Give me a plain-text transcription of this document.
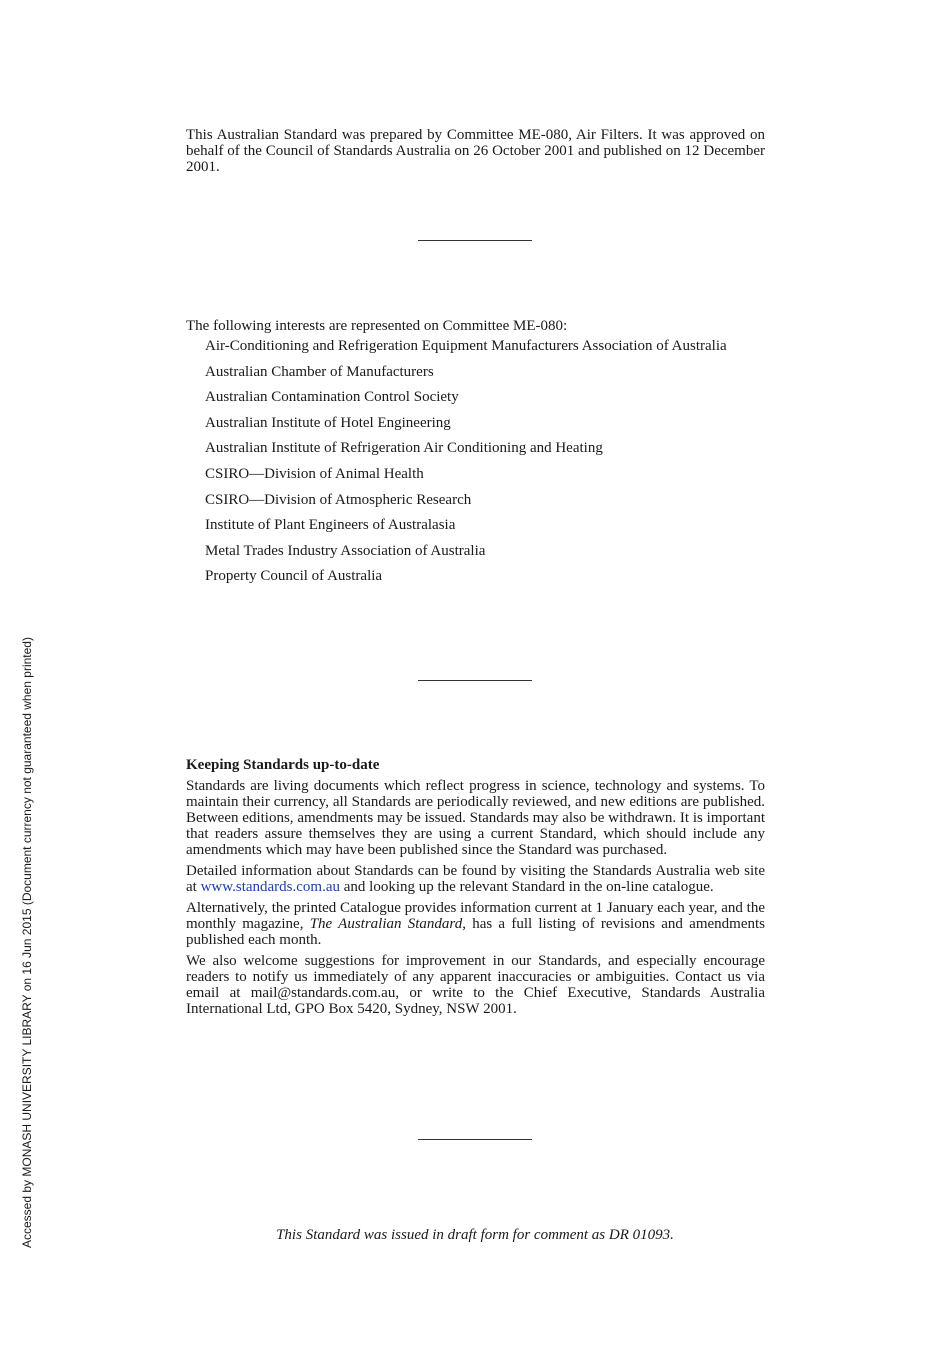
This Australian Standard was prepared by Committee ME-080, Air Filters. It was approved on behalf of the Council of Standards Australia on 26 October 2001 and published on 12 December 2001.

The following interests are represented on Committee ME-080:

Air-Conditioning and Refrigeration Equipment Manufacturers Association of Australia
Australian Chamber of Manufacturers
Australian Contamination Control Society
Australian Institute of Hotel Engineering
Australian Institute of Refrigeration Air Conditioning and Heating
CSIRO—Division of Animal Health
CSIRO—Division of Atmospheric Research
Institute of Plant Engineers of Australasia
Metal Trades Industry Association of Australia
Property Council of Australia

Keeping Standards up-to-date

Standards are living documents which reflect progress in science, technology and systems. To maintain their currency, all Standards are periodically reviewed, and new editions are published. Between editions, amendments may be issued. Standards may also be withdrawn. It is important that readers assure themselves they are using a current Standard, which should include any amendments which may have been published since the Standard was purchased.

Detailed information about Standards can be found by visiting the Standards Australia web site at www.standards.com.au and looking up the relevant Standard in the on-line catalogue.

Alternatively, the printed Catalogue provides information current at 1 January each year, and the monthly magazine, The Australian Standard, has a full listing of revisions and amendments published each month.

We also welcome suggestions for improvement in our Standards, and especially encourage readers to notify us immediately of any apparent inaccuracies or ambiguities. Contact us via email at mail@standards.com.au, or write to the Chief Executive, Standards Australia International Ltd, GPO Box 5420, Sydney, NSW 2001.

This Standard was issued in draft form for comment as DR 01093.
Accessed by MONASH UNIVERSITY LIBRARY on 16 Jun 2015 (Document currency not guaranteed when printed)
